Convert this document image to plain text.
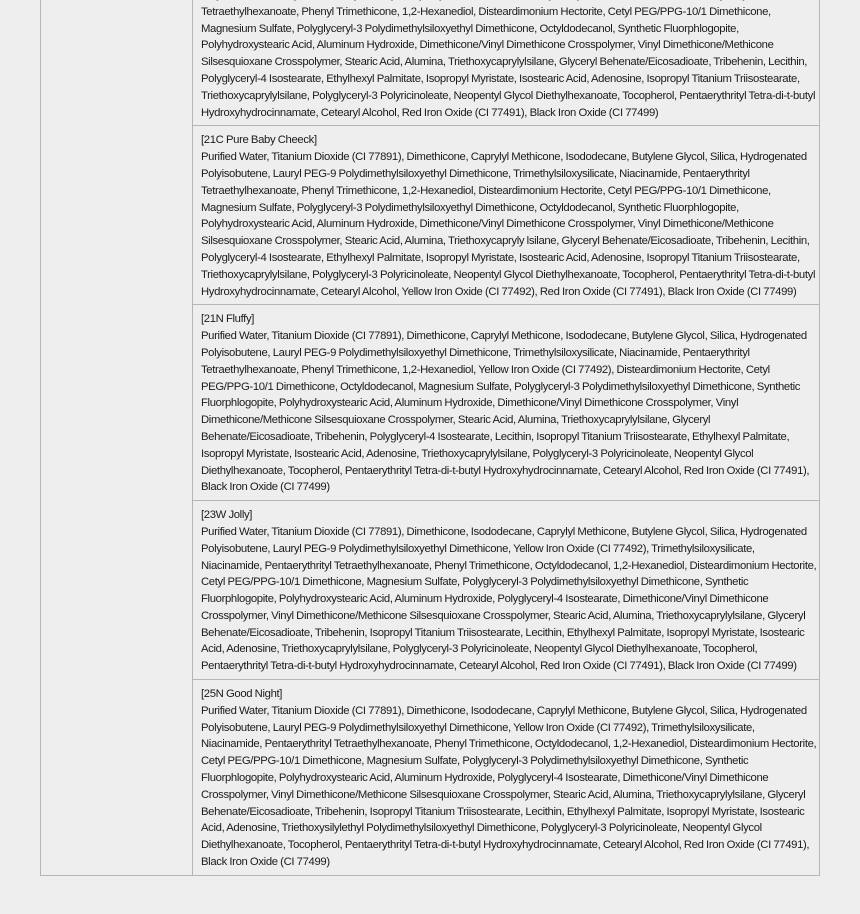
Tetraethylhexanoate, Phenyl Trimethicone, 1,2-Hexanediol, Disteardimonium Hectorite, Cetyl PEG/PPG-10/1 Dimethicone, Magnesium Sulfate, Polyglyceryl-3 Polydimethylsiloxyethyl Dimethicone, Octyldodecanol, Synthetic Fluorphlogopite, Polyhydroxystearic Acid, Aluminum Hydroxide, Dimethicone/Vinyl Dimethicone Crosspolymer, Vinyl Dimethicone/Methicone Silsesquioxane Crosspolymer, Stearic Acid, Alumina, Triethoxycaprylylsilane, Glyceryl Behenate/Eicosadioate, Tribehenin, Lecithin, Polyglyceryl-4 Isostearate, Ethylhexyl Palmitate, Isopropyl Myristate, Isostearic Acid, Adenosine, Isopropyl Titanium Triisostearate, Triethoxycaprylylsilane, Polyglyceryl-3 Polyricinoleate, Neopentyl Glycol Diethylhexanoate, Tocopherol, Pentaerythrityl Tetra-di-t-butyl Hydroxyhydrocinnamate, Cetearyl Alcohol, Red Iron Oxide (CI 77491), Black Iron Oxide (CI 77499)

[21C Pure Baby Cheeck]
Purified Water, Titanium Dioxide (CI 77891), Dimethicone, Caprylyl Methicone, Isododecane, Butylene Glycol, Silica, Hydrogenated Polyisobutene, Lauryl PEG-9 Polydimethylsiloxyethyl Dimethicone, Trimethylsiloxysilicate, Niacinamide, Pentaerythrityl Tetraethylhexanoate, Phenyl Trimethicone, 1,2-Hexanediol, Disteardimonium Hectorite, Cetyl PEG/PPG-10/1 Dimethicone, Magnesium Sulfate, Polyglyceryl-3 Polydimethylsiloxyethyl Dimethicone, Octyldodecanol, Synthetic Fluorphlogopite, Polyhydroxystearic Acid, Aluminum Hydroxide, Dimethicone/Vinyl Dimethicone Crosspolymer, Vinyl Dimethicone/Methicone Silsesquioxane Crosspolymer, Stearic Acid, Alumina, Triethoxycapryly lsilane, Glyceryl Behenate/Eicosadioate, Tribehenin, Lecithin, Polyglyceryl-4 Isostearate, Ethylhexyl Palmitate, Isopropyl Myristate, Isostearic Acid, Adenosine, Isopropyl Titanium Triisostearate, Triethoxycaprylylsilane, Polyglyceryl-3 Polyricinoleate, Neopentyl Glycol Diethylhexanoate, Tocopherol, Pentaerythrityl Tetra-di-t-butyl Hydroxyhydrocinnamate, Cetearyl Alcohol, Yellow Iron Oxide (CI 77492), Red Iron Oxide (CI 77491), Black Iron Oxide (CI 77499)

[21N Fluffy]
Purified Water, Titanium Dioxide (CI 77891), Dimethicone, Caprylyl Methicone, Isododecane, Butylene Glycol, Silica, Hydrogenated Polyisobutene, Lauryl PEG-9 Polydimethylsiloxyethyl Dimethicone, Trimethylsiloxysilicate, Niacinamide, Pentaerythrityl Tetraethylhexanoate, Phenyl Trimethicone, 1,2-Hexanediol, Yellow Iron Oxide (CI 77492), Disteardimonium Hectorite, Cetyl PEG/PPG-10/1 Dimethicone, Octyldodecanol, Magnesium Sulfate, Polyglyceryl-3 Polydimethylsiloxyethyl Dimethicone, Synthetic Fluorphlogopite, Polyhydroxystearic Acid, Aluminum Hydroxide, Dimethicone/Vinyl Dimethicone Crosspolymer, Vinyl Dimethicone/Methicone Silsesquioxane Crosspolymer, Stearic Acid, Alumina, Triethoxycaprylylsilane, Glyceryl Behenate/Eicosadioate, Tribehenin, Polyglyceryl-4 Isostearate, Lecithin, Isopropyl Titanium Triisostearate, Ethylhexyl Palmitate, Isopropyl Myristate, Isostearic Acid, Adenosine, Triethoxycaprylylsilane, Polyglyceryl-3 Polyricinoleate, Neopentyl Glycol Diethylhexanoate, Tocopherol, Pentaerythrityl Tetra-di-t-butyl Hydroxyhydrocinnamate, Cetearyl Alcohol, Red Iron Oxide (CI 77491), Black Iron Oxide (CI 77499)

[23W Jolly]
Purified Water, Titanium Dioxide (CI 77891), Dimethicone, Isododecane, Caprylyl Methicone, Butylene Glycol, Silica, Hydrogenated Polyisobutene, Lauryl PEG-9 Polydimethylsiloxyethyl Dimethicone, Yellow Iron Oxide (CI 77492), Trimethylsiloxysilicate, Niacinamide, Pentaerythrityl Tetraethylhexanoate, Phenyl Trimethicone, Octyldodecanol, 1,2-Hexanediol, Disteardimonium Hectorite, Cetyl PEG/PPG-10/1 Dimethicone, Magnesium Sulfate, Polyglyceryl-3 Polydimethylsiloxyethyl Dimethicone, Synthetic Fluorphlogopite, Polyhydroxystearic Acid, Aluminum Hydroxide, Polyglyceryl-4 Isostearate, Dimethicone/Vinyl Dimethicone Crosspolymer, Vinyl Dimethicone/Methicone Silsesquioxane Crosspolymer, Stearic Acid, Alumina, Triethoxycaprylylsilane, Glyceryl Behenate/Eicosadioate, Tribehenin, Isopropyl Titanium Triisostearate, Lecithin, Ethylhexyl Palmitate, Isopropyl Myristate, Isostearic Acid, Adenosine, Triethoxycaprylylsilane, Polyglyceryl-3 Polyricinoleate, Neopentyl Glycol Diethylhexanoate, Tocopherol, Pentaerythrityl Tetra-di-t-butyl Hydroxyhydrocinnamate, Cetearyl Alcohol, Red Iron Oxide (CI 77491), Black Iron Oxide (CI 77499)

[25N Good Night]
Purified Water, Titanium Dioxide (CI 77891), Dimethicone, Isododecane, Caprylyl Methicone, Butylene Glycol, Silica, Hydrogenated Polyisobutene, Lauryl PEG-9 Polydimethylsiloxyethyl Dimethicone, Yellow Iron Oxide (CI 77492), Trimethylsiloxysilicate, Niacinamide, Pentaerythrityl Tetraethylhexanoate, Phenyl Trimethicone, Octyldodecanol, 1,2-Hexanediol, Disteardimonium Hectorite, Cetyl PEG/PPG-10/1 Dimethicone, Magnesium Sulfate, Polyglyceryl-3 Polydimethylsiloxyethyl Dimethicone, Synthetic Fluorphlogopite, Polyhydroxystearic Acid, Aluminum Hydroxide, Polyglyceryl-4 Isostearate, Dimethicone/Vinyl Dimethicone Crosspolymer, Vinyl Dimethicone/Methicone Silsesquioxane Crosspolymer, Stearic Acid, Alumina, Triethoxycaprylylsilane, Glyceryl Behenate/Eicosadioate, Tribehenin, Isopropyl Titanium Triisostearate, Lecithin, Ethylhexyl Palmitate, Isopropyl Myristate, Isostearic Acid, Adenosine, Triethoxysilylethyl Polydimethylsiloxyethyl Dimethicone, Polyglyceryl-3 Polyricinoleate, Neopentyl Glycol Diethylhexanoate, Tocopherol, Pentaerythrityl Tetra-di-t-butyl Hydroxyhydrocinnamate, Cetearyl Alcohol, Red Iron Oxide (CI 77491), Black Iron Oxide (CI 77499)
